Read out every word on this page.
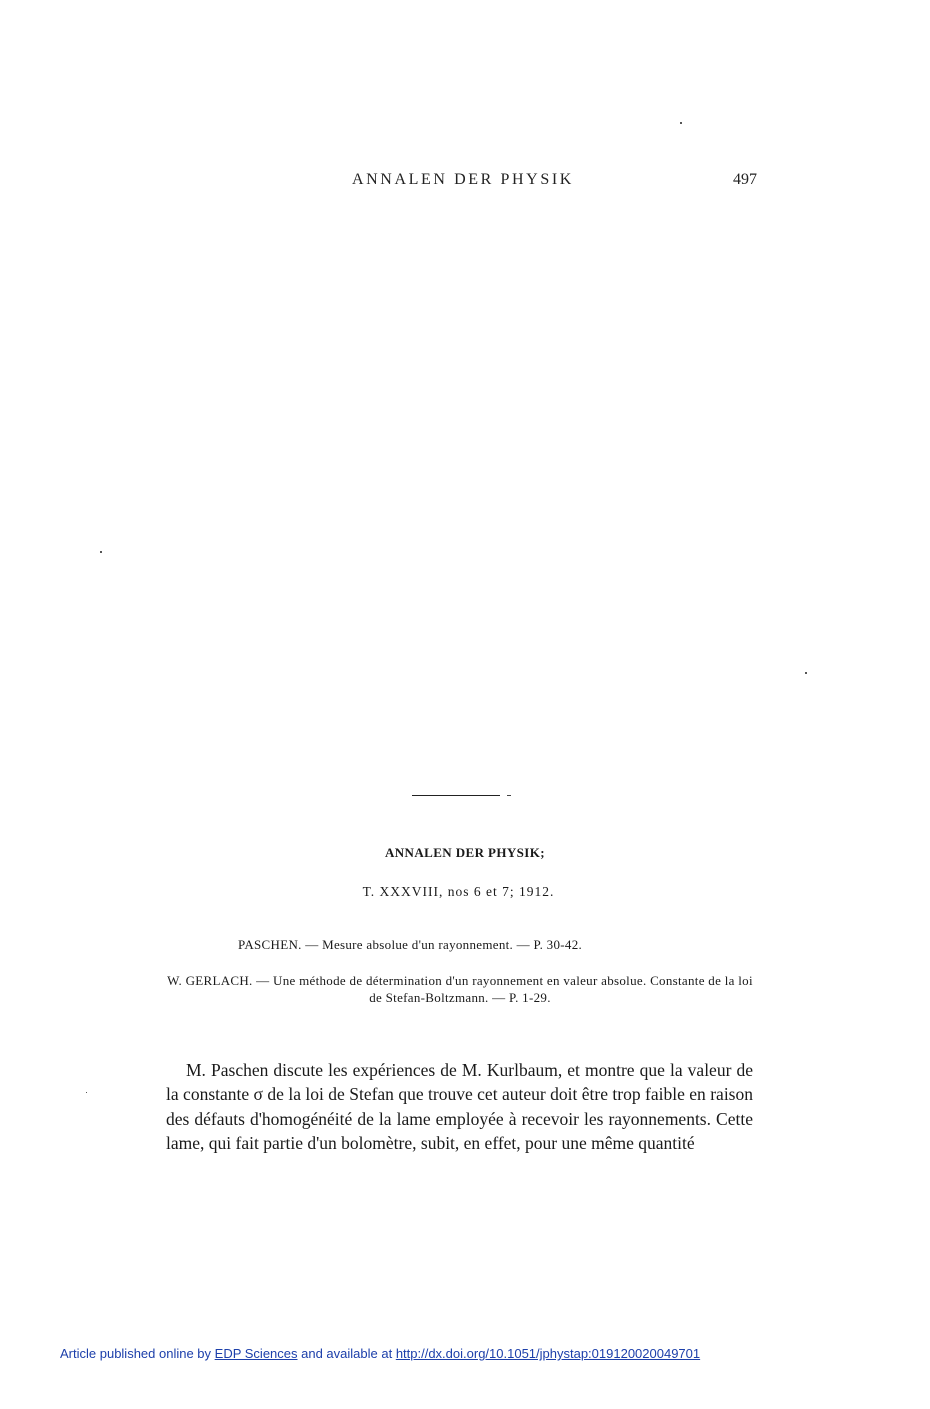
ANNALEN DER PHYSIK	497
ANNALEN DER PHYSIK;
T. XXXVIII, nos 6 et 7; 1912.
PASCHEN. — Mesure absolue d'un rayonnement. — P. 30-42.
W. GERLACH. — Une méthode de détermination d'un rayonnement en valeur absolue. Constante de la loi de Stefan-Boltzmann. — P. 1-29.

M. Paschen discute les expériences de M. Kurlbaum, et montre que la valeur de la constante σ de la loi de Stefan que trouve cet auteur doit être trop faible en raison des défauts d'homogénéité de la lame employée à recevoir les rayonnements. Cette lame, qui fait partie d'un bolomètre, subit, en effet, pour une même quantité

Article published online by EDP Sciences and available at http://dx.doi.org/10.1051/jphystap:019120020049701
